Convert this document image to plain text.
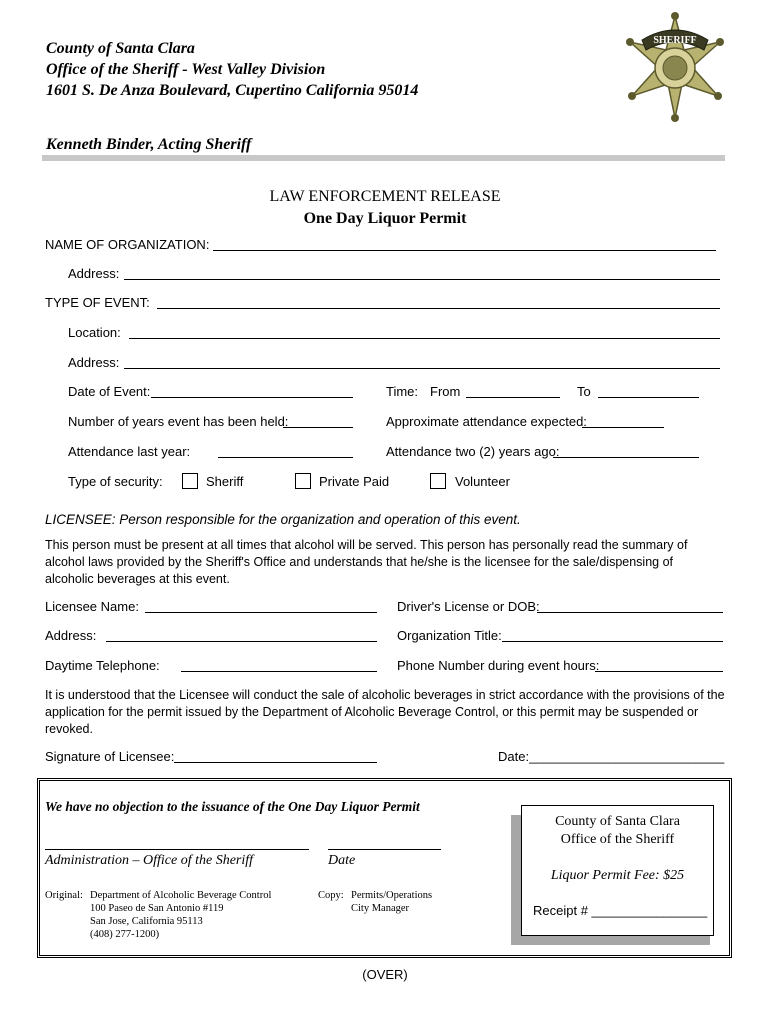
County of Santa Clara
Office of the Sheriff - West Valley Division
1601 S. De Anza Boulevard, Cupertino California 95014
Kenneth Binder, Acting Sheriff
SHERIFF
LAW ENFORCEMENT RELEASE
One Day Liquor Permit
NAME OF ORGANIZATION:
Address:
TYPE OF EVENT:
Location:
Address:
Date of Event:	Time: From	To
Number of years event has been held:	Approximate attendance expected:
Attendance last year:	Attendance two (2) years ago:
Type of security:	Sheriff	Private Paid	Volunteer
LICENSEE: Person responsible for the organization and operation of this event.
This person must be present at all times that alcohol will be served. This person has personally read the summary of alcohol laws provided by the Sheriff's Office and understands that he/she is the licensee for the sale/dispensing of alcoholic beverages at this event.
Licensee Name:	Driver's License or DOB:
Address:	Organization Title:
Daytime Telephone:	Phone Number during event hours:
It is understood that the Licensee will conduct the sale of alcoholic beverages in strict accordance with the provisions of the application for the permit issued by the Department of Alcoholic Beverage Control, or this permit may be suspended or revoked.
Signature of Licensee:	Date:___________________________
We have no objection to the issuance of the One Day Liquor Permit
Administration – Office of the Sheriff	Date
Original: Department of Alcoholic Beverage Control
100 Paseo de San Antonio #119
San Jose, California 95113
(408) 277-1200)
Copy: Permits/Operations
City Manager
County of Santa Clara
Office of the Sheriff
Liquor Permit Fee: $25
Receipt # ________________
(OVER)
